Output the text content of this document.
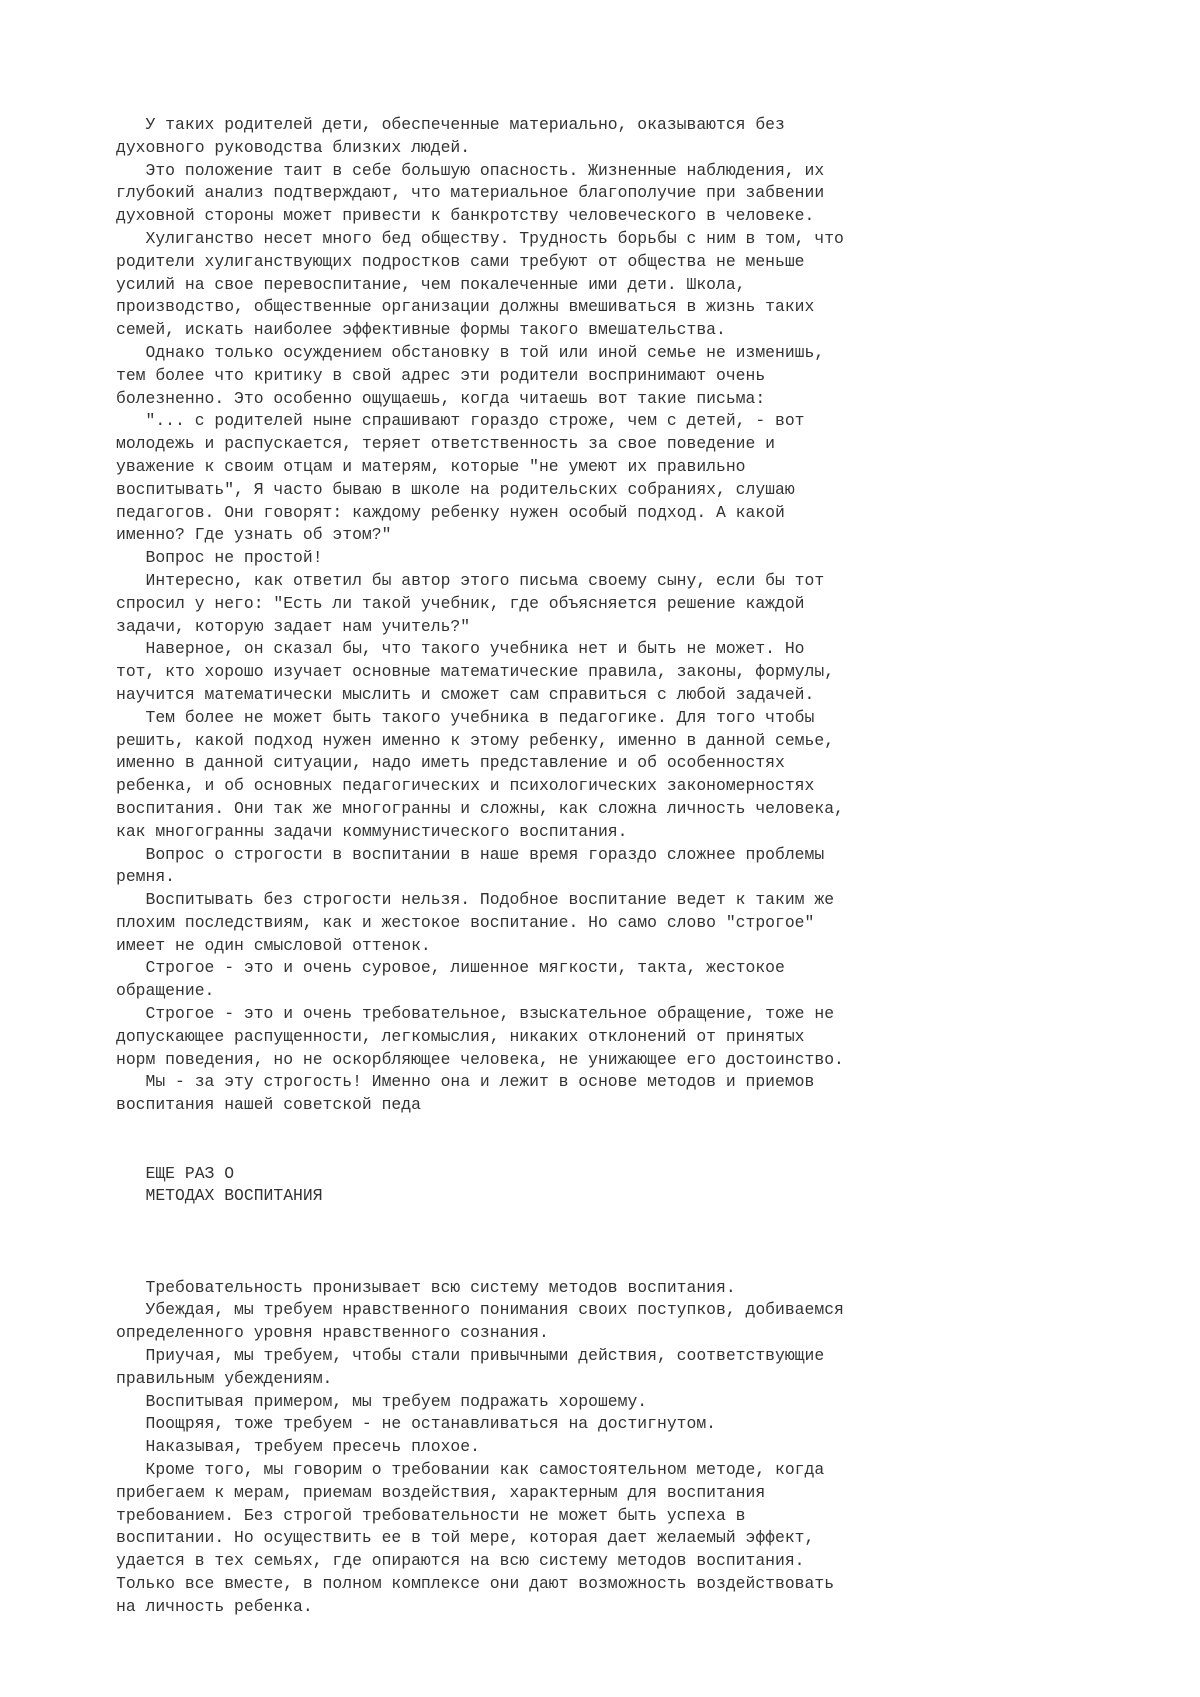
У таких родителей дети, обеспеченные материально, оказываются без
духовного руководства близких людей.
Это положение таит в себе большую опасность. Жизненные наблюдения, их
глубокий анализ подтверждают, что материальное благополучие при забвении
духовной стороны может привести к банкротству человеческого в человеке.
Хулиганство несет много бед обществу. Трудность борьбы с ним в том, что
родители хулиганствующих подростков сами требуют от общества не меньше
усилий на свое перевоспитание, чем покалеченные ими дети. Школа,
производство, общественные организации должны вмешиваться в жизнь таких
семей, искать наиболее эффективные формы такого вмешательства.
Однако только осуждением обстановку в той или иной семье не изменишь,
тем более что критику в свой адрес эти родители воспринимают очень
болезненно. Это особенно ощущаешь, когда читаешь вот такие письма:
"... с родителей ныне спрашивают гораздо строже, чем с детей, - вот
молодежь и распускается, теряет ответственность за свое поведение и
уважение к своим отцам и матерям, которые "не умеют их правильно
воспитывать", Я часто бываю в школе на родительских собраниях, слушаю
педагогов. Они говорят: каждому ребенку нужен особый подход. А какой
именно? Где узнать об этом?"
Вопрос не простой!
Интересно, как ответил бы автор этого письма своему сыну, если бы тот
спросил у него: "Есть ли такой учебник, где объясняется решение каждой
задачи, которую задает нам учитель?"
Наверное, он сказал бы, что такого учебника нет и быть не может. Но
тот, кто хорошо изучает основные математические правила, законы, формулы,
научится математически мыслить и сможет сам справиться с любой задачей.
Тем более не может быть такого учебника в педагогике. Для того чтобы
решить, какой подход нужен именно к этому ребенку, именно в данной семье,
именно в данной ситуации, надо иметь представление и об особенностях
ребенка, и об основных педагогических и психологических закономерностях
воспитания. Они так же многогранны и сложны, как сложна личность человека,
как многогранны задачи коммунистического воспитания.
Вопрос о строгости в воспитании в наше время гораздо сложнее проблемы
ремня.
Воспитывать без строгости нельзя. Подобное воспитание ведет к таким же
плохим последствиям, как и жестокое воспитание. Но само слово "строгое"
имеет не один смысловой оттенок.
Строгое - это и очень суровое, лишенное мягкости, такта, жестокое
обращение.
Строгое - это и очень требовательное, взыскательное обращение, тоже не
допускающее распущенности, легкомыслия, никаких отклонений от принятых
норм поведения, но не оскорбляющее человека, не унижающее его достоинство.
Мы - за эту строгость! Именно она и лежит в основе методов и приемов
воспитания нашей советской педа
ЕЩЕ РАЗ О
МЕТОДАХ ВОСПИТАНИЯ
Требовательность пронизывает всю систему методов воспитания.
Убеждая, мы требуем нравственного понимания своих поступков, добиваемся
определенного уровня нравственного сознания.
Приучая, мы требуем, чтобы стали привычными действия, соответствующие
правильным убеждениям.
Воспитывая примером, мы требуем подражать хорошему.
Поощряя, тоже требуем - не останавливаться на достигнутом.
Наказывая, требуем пресечь плохое.
Кроме того, мы говорим о требовании как самостоятельном методе, когда
прибегаем к мерам, приемам воздействия, характерным для воспитания
требованием. Без строгой требовательности не может быть успеха в
воспитании. Но осуществить ее в той мере, которая дает желаемый эффект,
удается в тех семьях, где опираются на всю систему методов воспитания.
Только все вместе, в полном комплексе они дают возможность воздействовать
на личность ребенка.
